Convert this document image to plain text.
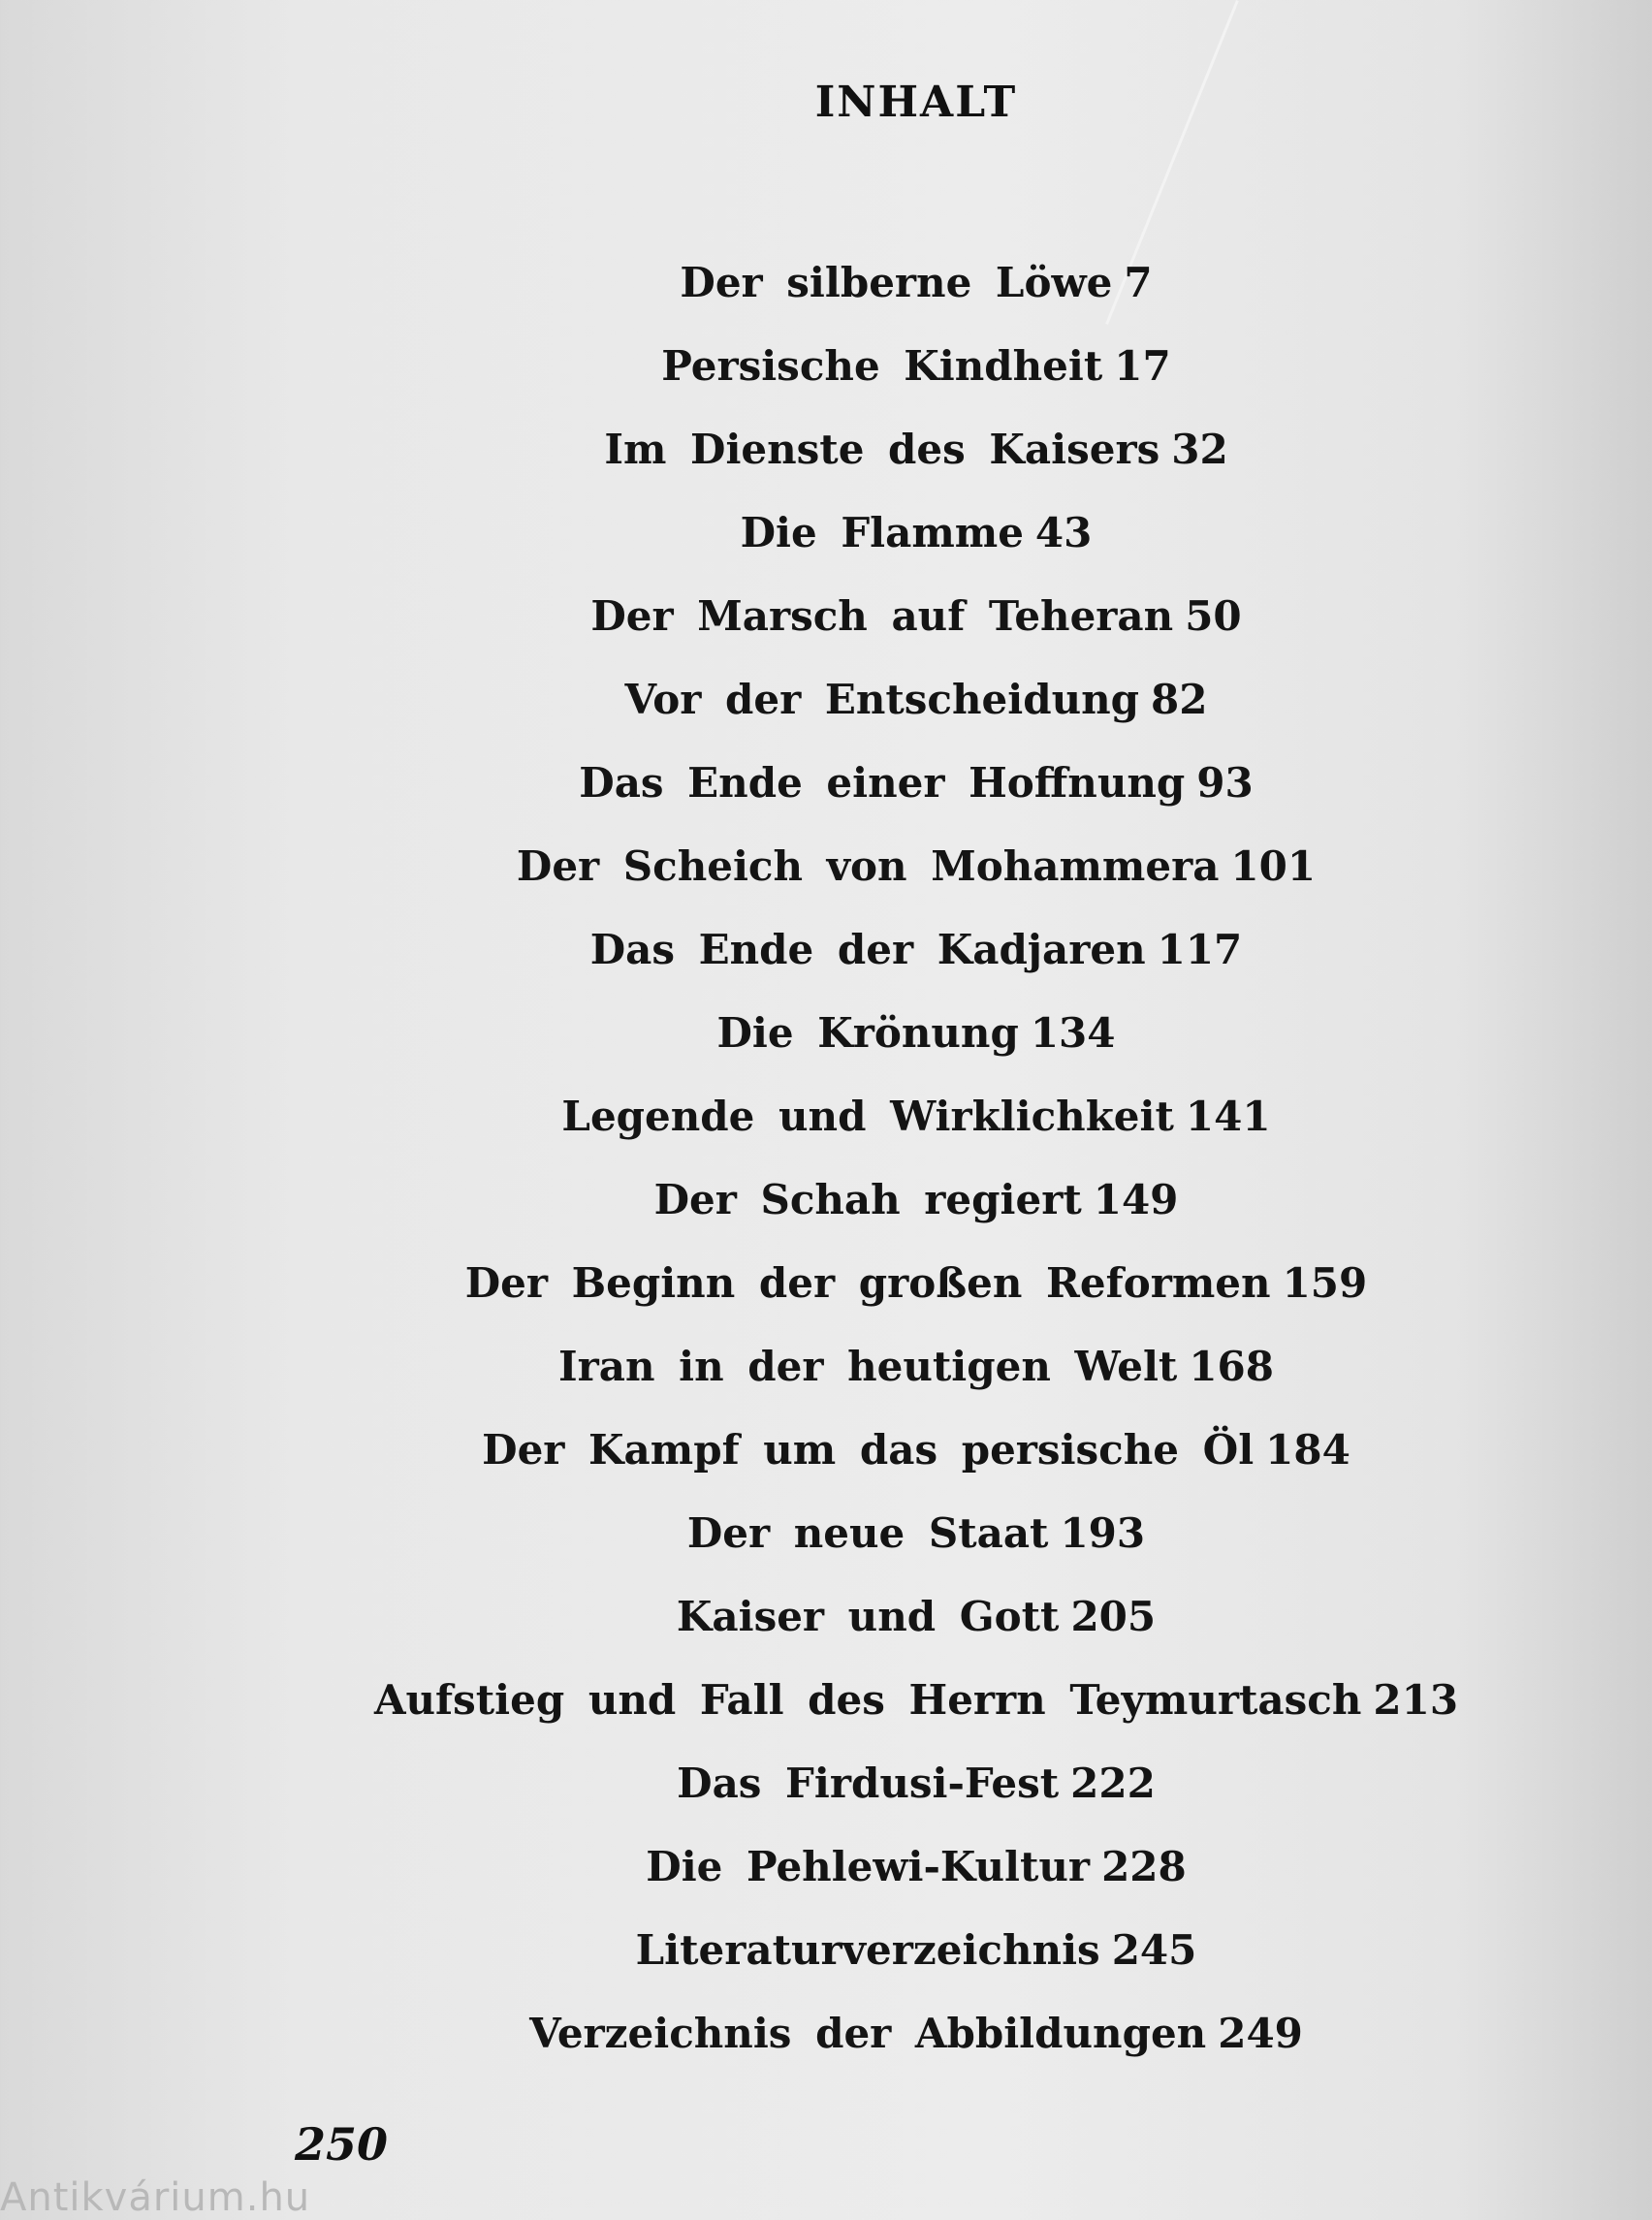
INHALT
Der silberne Löwe 7
Persische Kindheit 17
Im Dienste des Kaisers 32
Die Flamme 43
Der Marsch auf Teheran 50
Vor der Entscheidung 82
Das Ende einer Hoffnung 93
Der Scheich von Mohammera 101
Das Ende der Kadjaren 117
Die Krönung 134
Legende und Wirklichkeit 141
Der Schah regiert 149
Der Beginn der großen Reformen 159
Iran in der heutigen Welt 168
Der Kampf um das persische Öl 184
Der neue Staat 193
Kaiser und Gott 205
Aufstieg und Fall des Herrn Teymurtasch 213
Das Firdusi-Fest 222
Die Pehlewi-Kultur 228
Literaturverzeichnis 245
Verzeichnis der Abbildungen 249
250
Antikvárium.hu
